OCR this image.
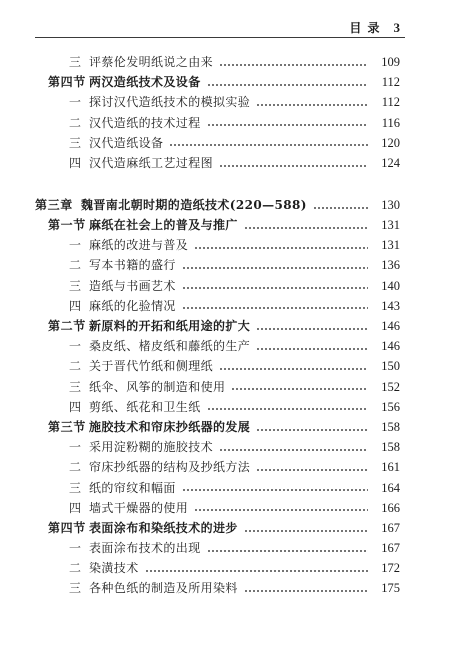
目 录 3
三 评蔡伦发明纸说之由来	109
第四节 两汉造纸技术及设备	112
一 探讨汉代造纸技术的模拟实验	112
二 汉代造纸的技术过程	116
三 汉代造纸设备	120
四 汉代造麻纸工艺过程图	124
第三章 魏晋南北朝时期的造纸技术(220—588)	130
第一节 麻纸在社会上的普及与推广	131
一 麻纸的改进与普及	131
二 写本书籍的盛行	136
三 造纸与书画艺术	140
四 麻纸的化验情况	143
第二节 新原料的开拓和纸用途的扩大	146
一 桑皮纸、楮皮纸和藤纸的生产	146
二 关于晋代竹纸和侧理纸	150
三 纸伞、风筝的制造和使用	152
四 剪纸、纸花和卫生纸	156
第三节 施胶技术和帘床抄纸器的发展	158
一 采用淀粉糊的施胶技术	158
二 帘床抄纸器的结构及抄纸方法	161
三 纸的帘纹和幅面	164
四 墙式干燥器的使用	166
第四节 表面涂布和染纸技术的进步	167
一 表面涂布技术的出现	167
二 染潢技术	172
三 各种色纸的制造及所用染料	175
